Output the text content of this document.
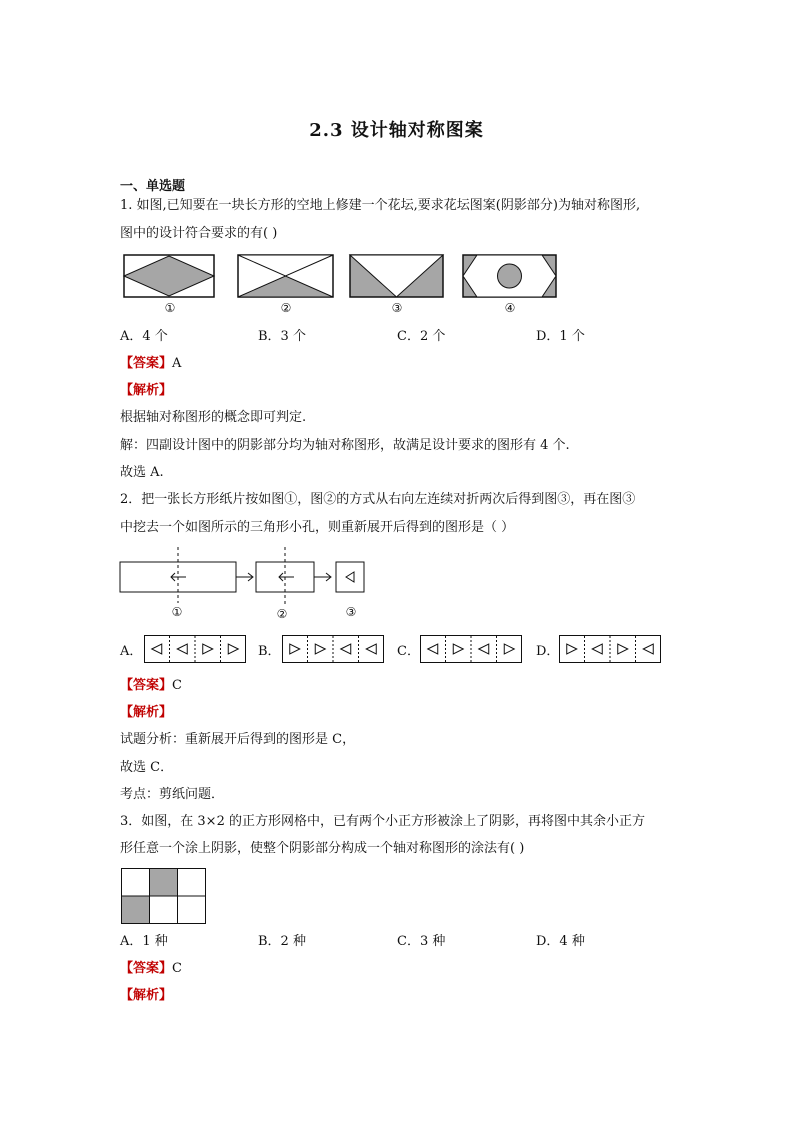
2.3 设计轴对称图案
一、单选题
1. 如图,已知要在一块长方形的空地上修建一个花坛,要求花坛图案(阴影部分)为轴对称图形,
图中的设计符合要求的有( )
①	②	③	④
A．4 个	B．3 个	C．2 个	D．1 个
【答案】A
【解析】
根据轴对称图形的概念即可判定.
解：四副设计图中的阴影部分均为轴对称图形，故满足设计要求的图形有 4 个.
故选 A.
2．把一张长方形纸片按如图①，图②的方式从右向左连续对折两次后得到图③，再在图③
中挖去一个如图所示的三角形小孔，则重新展开后得到的图形是（ ）
①	②	③
A．	B．	C．	D．
【答案】C
【解析】
试题分析：重新展开后得到的图形是 C，
故选 C．
考点：剪纸问题．
3．如图，在 3×2 的正方形网格中，已有两个小正方形被涂上了阴影，再将图中其余小正方
形任意一个涂上阴影，使整个阴影部分构成一个轴对称图形的涂法有( )
A．1 种	B．2 种	C．3 种	D．4 种
【答案】C
【解析】
